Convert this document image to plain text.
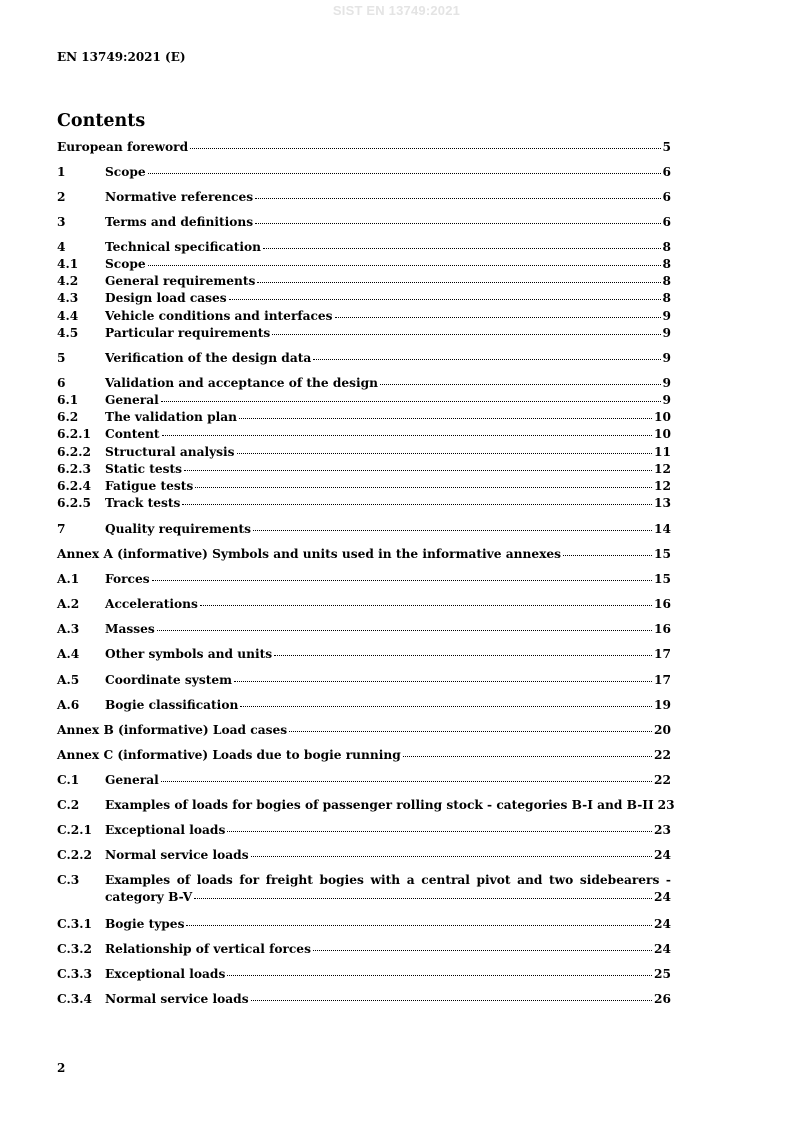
SIST EN 13749:2021
EN 13749:2021 (E)
Contents
European foreword	5
1	Scope	6
2	Normative references	6
3	Terms and definitions	6
4	Technical specification	8
4.1	Scope	8
4.2	General requirements	8
4.3	Design load cases	8
4.4	Vehicle conditions and interfaces	9
4.5	Particular requirements	9
5	Verification of the design data	9
6	Validation and acceptance of the design	9
6.1	General	9
6.2	The validation plan	10
6.2.1	Content	10
6.2.2	Structural analysis	11
6.2.3	Static tests	12
6.2.4	Fatigue tests	12
6.2.5	Track tests	13
7	Quality requirements	14
Annex A (informative) Symbols and units used in the informative annexes	15
A.1	Forces	15
A.2	Accelerations	16
A.3	Masses	16
A.4	Other symbols and units	17
A.5	Coordinate system	17
A.6	Bogie classification	19
Annex B (informative) Load cases	20
Annex C (informative) Loads due to bogie running	22
C.1	General	22
C.2	Examples of loads for bogies of passenger rolling stock - categories B-I and B-II 23
C.2.1	Exceptional loads	23
C.2.2	Normal service loads	24
C.3	Examples of loads for freight bogies with a central pivot and two sidebearers -
category B-V	24
C.3.1	Bogie types	24
C.3.2	Relationship of vertical forces	24
C.3.3	Exceptional loads	25
C.3.4	Normal service loads	26
2
